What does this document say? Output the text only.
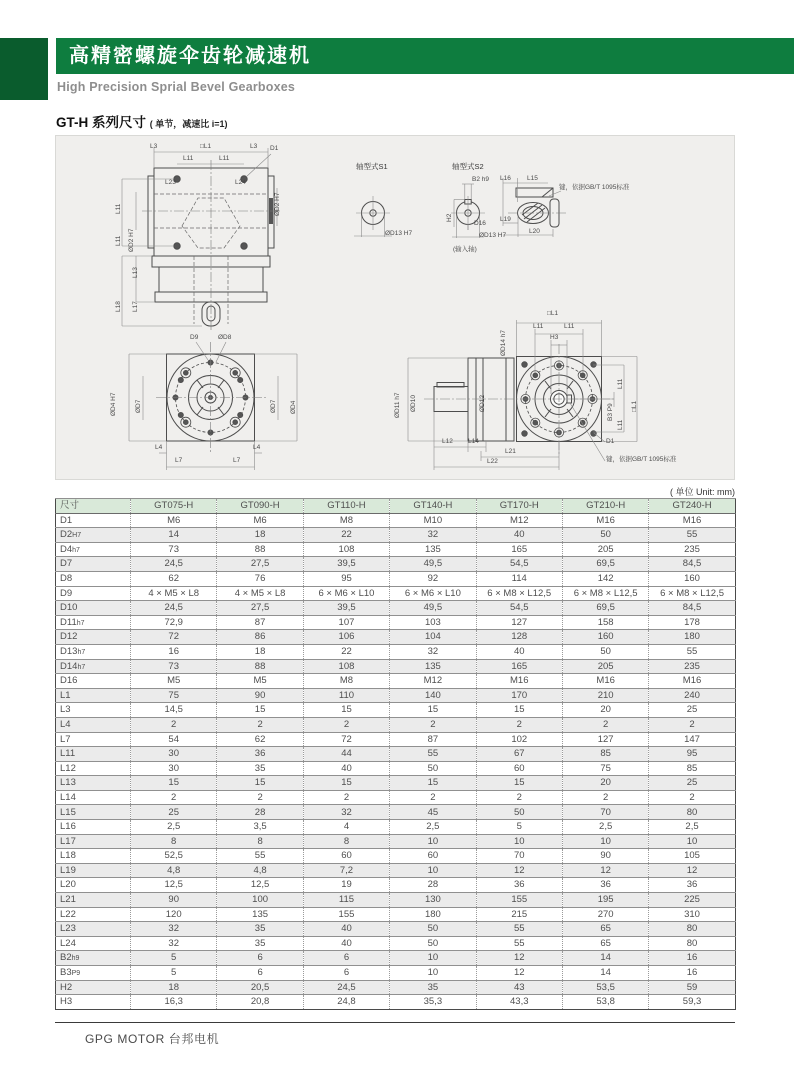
高精密螺旋伞齿轮减速机
High Precision Sprial Bevel Gearboxes
GT-H 系列尺寸 ( 单节，减速比 i=1)
L3	□L1	L3 D1
L11	L11
L23	L24
ØD2 H7
L11
L11 ØD2 H7
L13
L18 L17
轴型式S1
ØD13 H7
轴型式S2
B2 h9
H2
D16
ØD13 H7
(输入轴)
L16 L15
键，依据GB/T 1095标准
L19
L20
D9	ØD8
ØD4 H7	ØD7	ØD7 ØD4
L4	L4
L7	L7
□L1
L11	L11
H3
ØD14 h7
ØD12
ØD10
ØD11 h7
L11
□L1
B3 P9
L11
L12 L14
L21
L22
D1
键，依据GB/T 1095标准
( 单位 Unit: mm)
尺寸	GT075-H	GT090-H	GT110-H	GT140-H	GT170-H	GT210-H	GT240-H
D1	M6	M6	M8	M10	M12	M16	M16
D2H7	14	18	22	32	40	50	55
D4h7	73	88	108	135	165	205	235
D7	24,5	27,5	39,5	49,5	54,5	69,5	84,5
D8	62	76	95	92	114	142	160
D9	4 × M5 × L8	4 × M5 × L8	6 × M6 × L10	6 × M6 × L10	6 × M8 × L12,5	6 × M8 × L12,5	6 × M8 × L12,5
D10	24,5	27,5	39,5	49,5	54,5	69,5	84,5
D11h7	72,9	87	107	103	127	158	178
D12	72	86	106	104	128	160	180
D13h7	16	18	22	32	40	50	55
D14h7	73	88	108	135	165	205	235
D16	M5	M5	M8	M12	M16	M16	M16
L1	75	90	110	140	170	210	240
L3	14,5	15	15	15	15	20	25
L4	2	2	2	2	2	2	2
L7	54	62	72	87	102	127	147
L11	30	36	44	55	67	85	95
L12	30	35	40	50	60	75	85
L13	15	15	15	15	15	20	25
L14	2	2	2	2	2	2	2
L15	25	28	32	45	50	70	80
L16	2,5	3,5	4	2,5	5	2,5	2,5
L17	8	8	8	10	10	10	10
L18	52,5	55	60	60	70	90	105
L19	4,8	4,8	7,2	10	12	12	12
L20	12,5	12,5	19	28	36	36	36
L21	90	100	115	130	155	195	225
L22	120	135	155	180	215	270	310
L23	32	35	40	50	55	65	80
L24	32	35	40	50	55	65	80
B2h9	5	6	6	10	12	14	16
B3P9	5	6	6	10	12	14	16
H2	18	20,5	24,5	35	43	53,5	59
H3	16,3	20,8	24,8	35,3	43,3	53,8	59,3
GPG MOTOR 台邦电机
